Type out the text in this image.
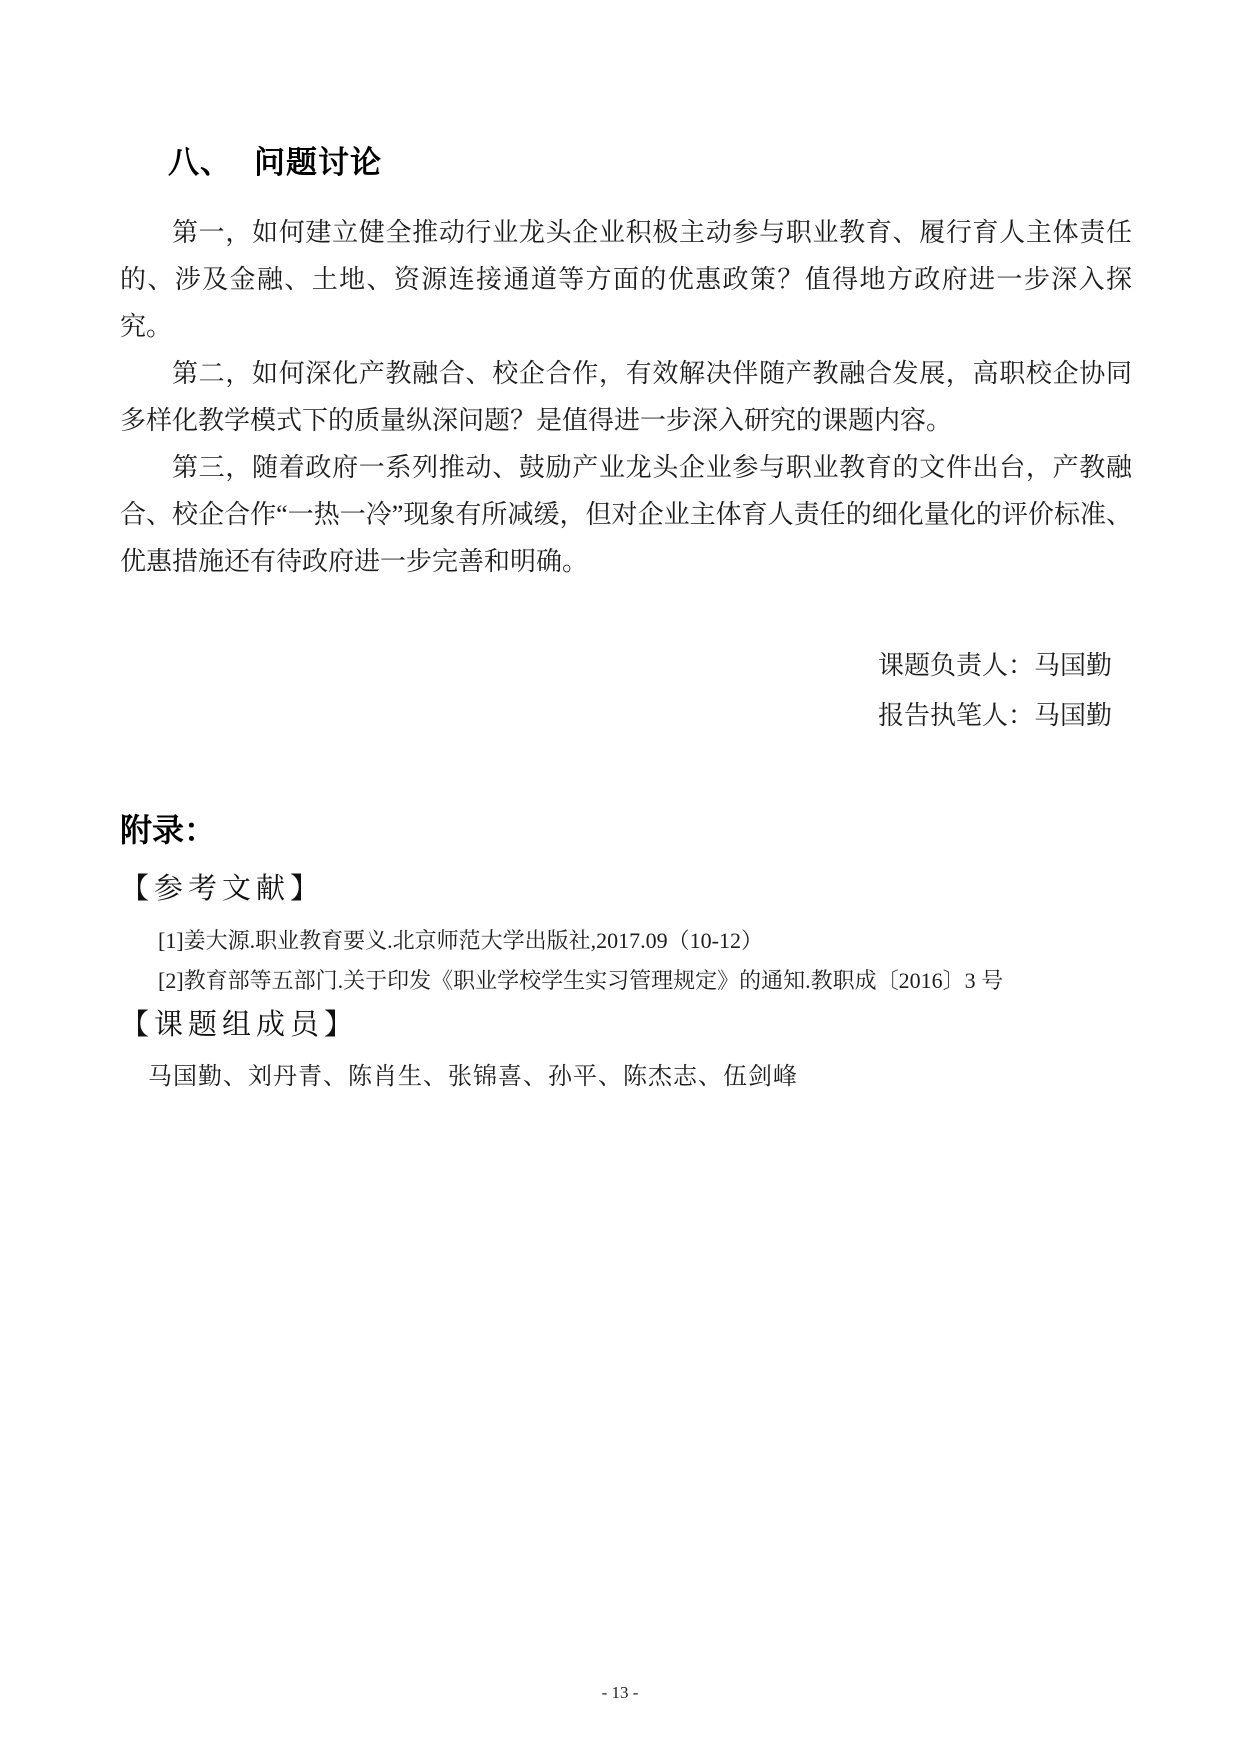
八、 问题讨论

第一，如何建立健全推动行业龙头企业积极主动参与职业教育、履行育人主体责任的、涉及金融、土地、资源连接通道等方面的优惠政策？值得地方政府进一步深入探究。

第二，如何深化产教融合、校企合作，有效解决伴随产教融合发展，高职校企协同多样化教学模式下的质量纵深问题？是值得进一步深入研究的课题内容。

第三，随着政府一系列推动、鼓励产业龙头企业参与职业教育的文件出台，产教融合、校企合作“一热一冷”现象有所减缓，但对企业主体育人责任的细化量化的评价标准、优惠措施还有待政府进一步完善和明确。

课题负责人：马国勤

报告执笔人：马国勤

附录：
【参考文献】

[1]姜大源.职业教育要义.北京师范大学出版社,2017.09（10-12）

[2]教育部等五部门.关于印发《职业学校学生实习管理规定》的通知.教职成〔2016〕3 号

【课题组成员】

马国勤、刘丹青、陈肖生、张锦喜、孙平、陈杰志、伍剑峰

- 13 -
